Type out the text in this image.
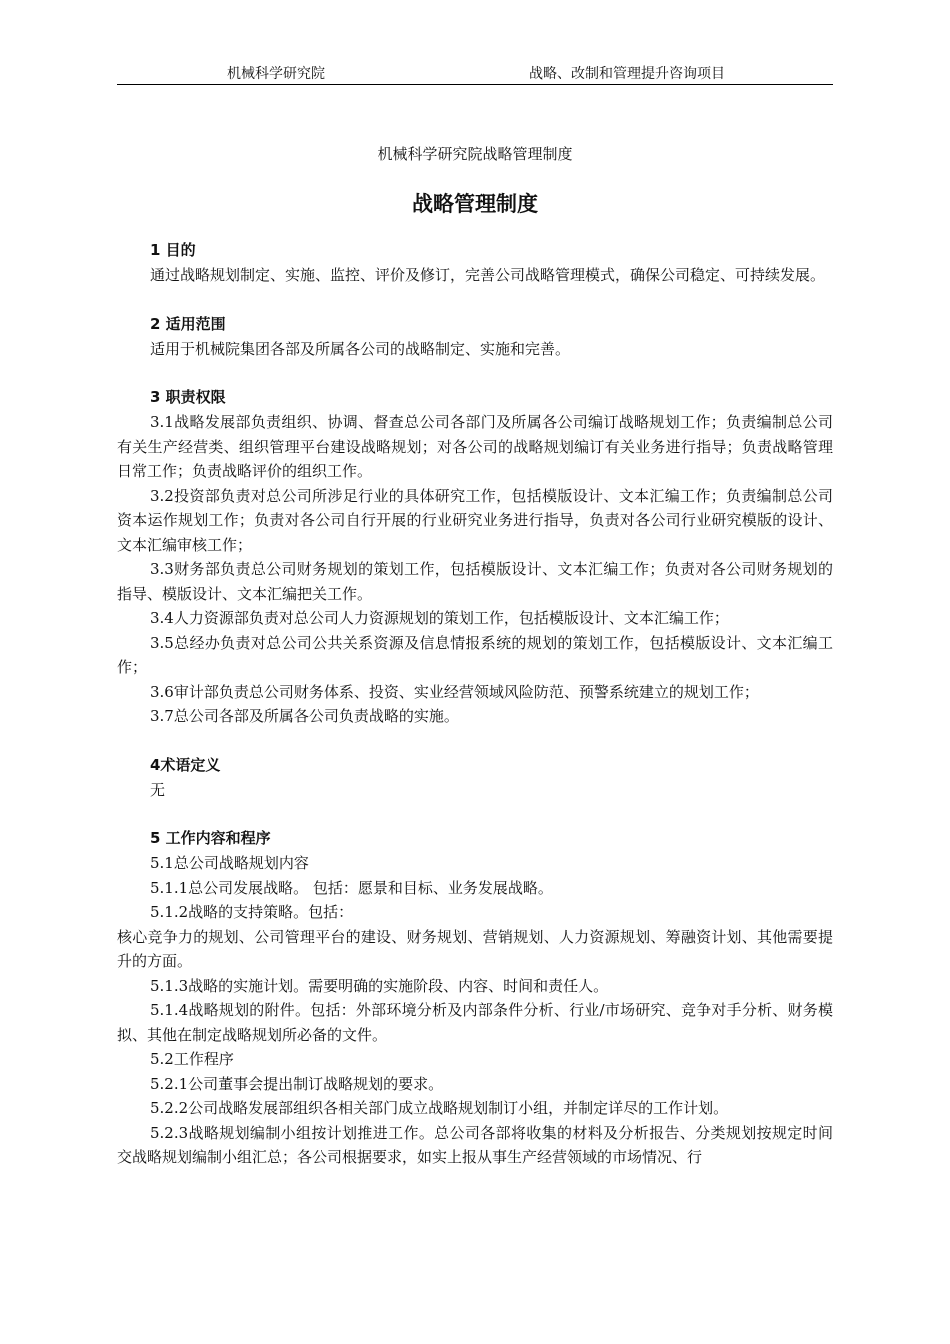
机械科学研究院	战略、改制和管理提升咨询项目
机械科学研究院战略管理制度
战略管理制度
1 目的

通过战略规划制定、实施、监控、评价及修订，完善公司战略管理模式，确保公司稳定、可持续发展。

2 适用范围

适用于机械院集团各部及所属各公司的战略制定、实施和完善。

3 职责权限

3.1战略发展部负责组织、协调、督查总公司各部门及所属各公司编订战略规划工作；负责编制总公司有关生产经营类、组织管理平台建设战略规划；对各公司的战略规划编订有关业务进行指导；负责战略管理日常工作；负责战略评价的组织工作。

3.2投资部负责对总公司所涉足行业的具体研究工作，包括模版设计、文本汇编工作；负责编制总公司资本运作规划工作；负责对各公司自行开展的行业研究业务进行指导，负责对各公司行业研究模版的设计、文本汇编审核工作；

3.3财务部负责总公司财务规划的策划工作，包括模版设计、文本汇编工作；负责对各公司财务规划的指导、模版设计、文本汇编把关工作。

3.4人力资源部负责对总公司人力资源规划的策划工作，包括模版设计、文本汇编工作；

3.5总经办负责对总公司公共关系资源及信息情报系统的规划的策划工作，包括模版设计、文本汇编工作；

3.6审计部负责总公司财务体系、投资、实业经营领域风险防范、预警系统建立的规划工作；

3.7总公司各部及所属各公司负责战略的实施。

4术语定义

无

5 工作内容和程序

5.1总公司战略规划内容

5.1.1总公司发展战略。 包括：愿景和目标、业务发展战略。

5.1.2战略的支持策略。包括：

核心竞争力的规划、公司管理平台的建设、财务规划、营销规划、人力资源规划、筹融资计划、其他需要提升的方面。

5.1.3战略的实施计划。需要明确的实施阶段、内容、时间和责任人。

5.1.4战略规划的附件。包括：外部环境分析及内部条件分析、行业/市场研究、竞争对手分析、财务模拟、其他在制定战略规划所必备的文件。

5.2工作程序

5.2.1公司董事会提出制订战略规划的要求。

5.2.2公司战略发展部组织各相关部门成立战略规划制订小组，并制定详尽的工作计划。

5.2.3战略规划编制小组按计划推进工作。总公司各部将收集的材料及分析报告、分类规划按规定时间交战略规划编制小组汇总；各公司根据要求，如实上报从事生产经营领域的市场情况、行
